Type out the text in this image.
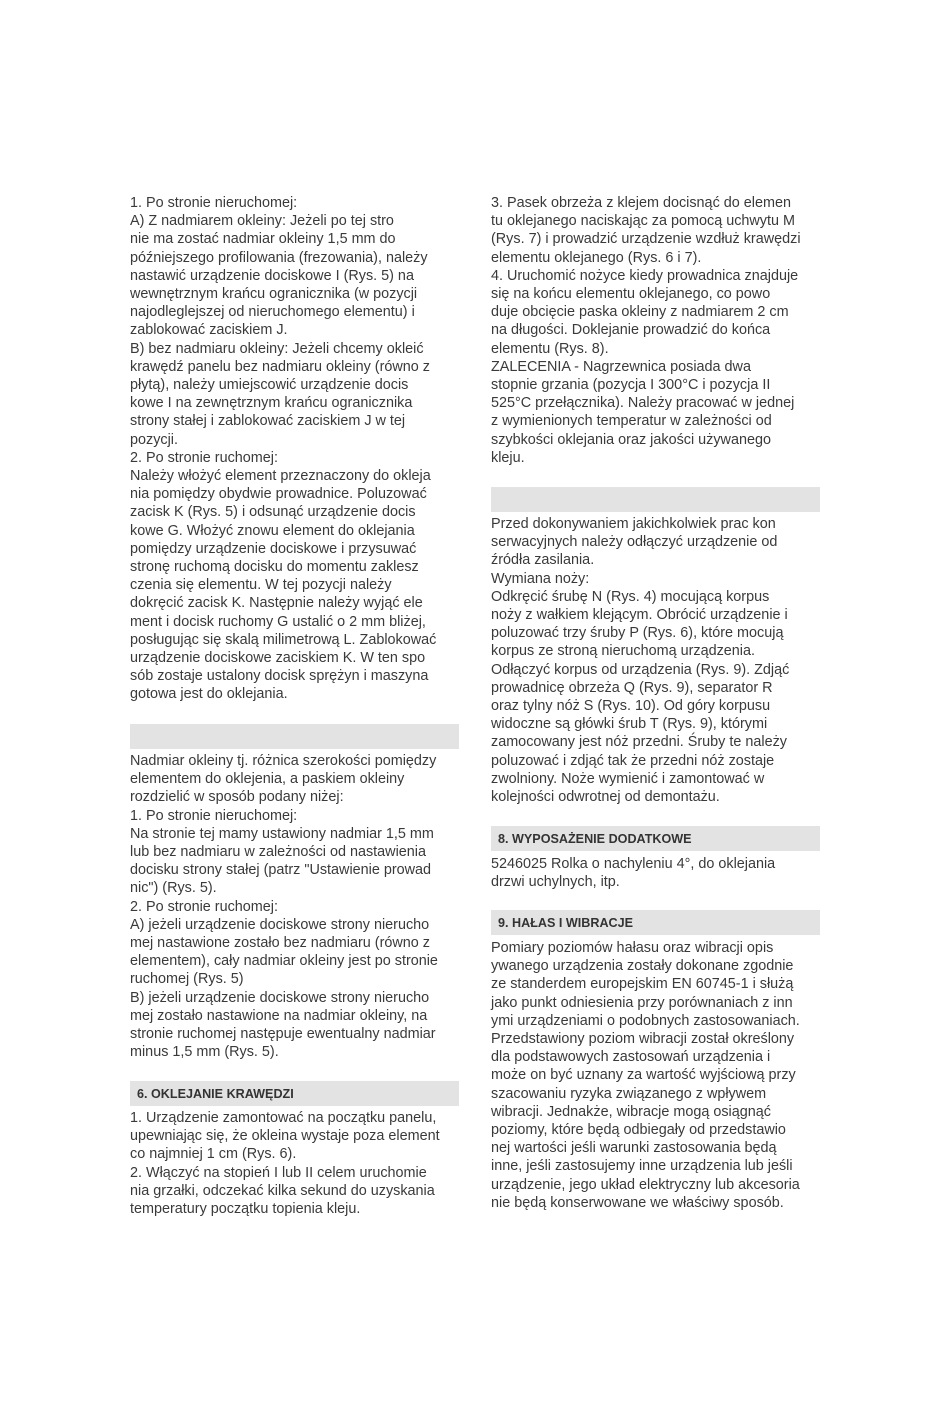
1. Po stronie nieruchomej:
A) Z nadmiarem okleiny: Jeżeli po tej stro
nie ma zostać nadmiar okleiny 1,5 mm do
późniejszego profilowania (frezowania), należy
nastawić urządzenie dociskowe I (Rys. 5) na
wewnętrznym krańcu ogranicznika (w pozycji
najodleglejszej od nieruchomego elementu) i
zablokować zaciskiem J.
B) bez nadmiaru okleiny: Jeżeli chcemy okleić
krawędź panelu bez nadmiaru okleiny (równo z
płytą), należy umiejscowić urządzenie docis
kowe I na zewnętrznym krańcu ogranicznika
strony stałej i zablokować zaciskiem J w tej
pozycji.
2. Po stronie ruchomej:
Należy włożyć element przeznaczony do okleja
nia pomiędzy obydwie prowadnice. Poluzować
zacisk K (Rys. 5) i odsunąć urządzenie docis
kowe G. Włożyć znowu element do oklejania
pomiędzy urządzenie dociskowe i przysuwać
stronę ruchomą docisku do momentu zaklesz
czenia się elementu. W tej pozycji należy
dokręcić zacisk K. Następnie należy wyjąć ele
ment i docisk ruchomy G ustalić o 2 mm bliżej,
posługując się skalą milimetrową L. Zablokować
urządzenie dociskowe zaciskiem K. W ten spo
sób zostaje ustalony docisk sprężyn i maszyna
gotowa jest do oklejania.
Nadmiar okleiny tj. różnica szerokości pomiędzy
elementem do oklejenia, a paskiem okleiny
rozdzielić w sposób podany niżej:
1. Po stronie nieruchomej:
Na stronie tej mamy ustawiony nadmiar 1,5 mm
lub bez nadmiaru w zależności od nastawienia
docisku strony stałej (patrz "Ustawienie prowad
nic") (Rys. 5).
2. Po stronie ruchomej:
A) jeżeli urządzenie dociskowe strony nierucho
mej nastawione zostało bez nadmiaru (równo z
elementem), cały nadmiar okleiny jest po stronie
ruchomej (Rys. 5)
B) jeżeli urządzenie dociskowe strony nierucho
mej zostało nastawione na nadmiar okleiny, na
stronie ruchomej następuje ewentualny nadmiar
minus 1,5 mm (Rys. 5).
6. OKLEJANIE KRAWĘDZI
1. Urządzenie zamontować na początku panelu,
upewniając się, że okleina wystaje poza element
co najmniej 1 cm (Rys. 6).
2. Włączyć na stopień I lub II celem uruchomie
nia grzałki, odczekać kilka sekund do uzyskania
temperatury początku topienia kleju.
3. Pasek obrzeża z klejem docisnąć do elemen
tu oklejanego naciskając za pomocą uchwytu M
(Rys. 7) i prowadzić urządzenie wzdłuż krawędzi
elementu oklejanego (Rys. 6 i 7).
4. Uruchomić nożyce kiedy prowadnica znajduje
się na końcu elementu oklejanego, co powo
duje obcięcie paska okleiny z nadmiarem 2 cm
na długości. Doklejanie prowadzić do końca
elementu (Rys. 8).
ZALECENIA - Nagrzewnica posiada dwa
stopnie grzania (pozycja I 300°C i pozycja II
525°C przełącznika). Należy pracować w jednej
z wymienionych temperatur w zależności od
szybkości oklejania oraz jakości używanego
kleju.
Przed dokonywaniem jakichkolwiek prac kon
serwacyjnych należy odłączyć urządzenie od
źródła zasilania.
Wymiana noży:
Odkręcić śrubę N (Rys. 4) mocującą korpus
noży z wałkiem klejącym. Obrócić urządzenie i
poluzować trzy śruby P (Rys. 6), które mocują
korpus ze stroną nieruchomą urządzenia.
Odłączyć korpus od urządzenia (Rys. 9). Zdjąć
prowadnicę obrzeża Q (Rys. 9), separator R
oraz tylny nóż S (Rys. 10). Od góry korpusu
widoczne są główki śrub T (Rys. 9), którymi
zamocowany jest nóż przedni. Śruby te należy
poluzować i zdjąć tak że przedni nóż zostaje
zwolniony. Noże wymienić i zamontować w
kolejności odwrotnej od demontażu.
8. WYPOSAŻENIE DODATKOWE
5246025 Rolka o nachyleniu 4°, do oklejania
drzwi uchylnych, itp.
9. HAŁAS I WIBRACJE
Pomiary poziomów hałasu oraz wibracji opis
ywanego urządzenia zostały dokonane zgodnie
ze standerdem europejskim EN 60745-1 i służą
jako punkt odniesienia przy porównaniach z inn
ymi urządzeniami o podobnych zastosowaniach.
Przedstawiony poziom wibracji został określony
dla podstawowych zastosowań urządzenia i
może on być uznany za wartość wyjściową przy
szacowaniu ryzyka związanego z wpływem
wibracji. Jednakże, wibracje mogą osiągnąć
poziomy, które będą odbiegały od przedstawio
nej wartości jeśli warunki zastosowania będą
inne, jeśli zastosujemy inne urządzenia lub jeśli
urządzenie, jego układ elektryczny lub akcesoria
nie będą konserwowane we właściwy sposób.
